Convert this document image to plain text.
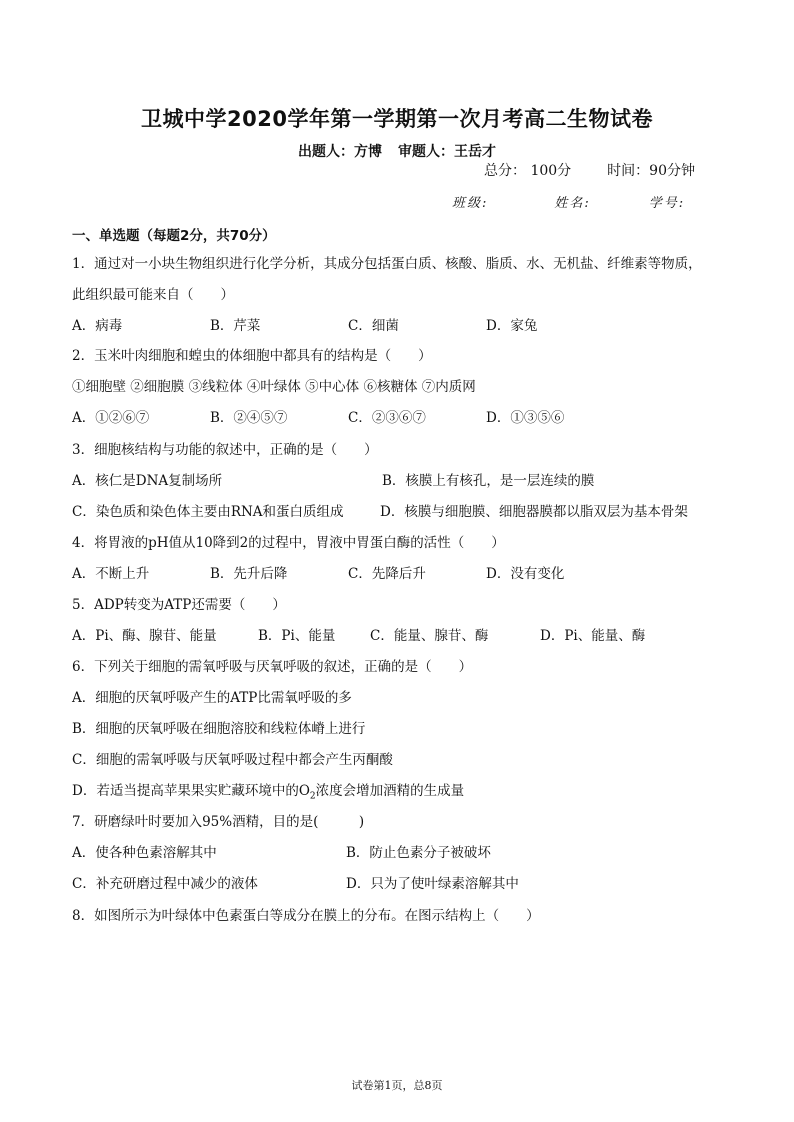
卫城中学2020学年第一学期第一次月考高二生物试卷
出题人：方博 审题人：王岳才
总分： 100分	时间：90分钟
班级:	姓名:	学号:
一、单选题（每题2分，共70分）
1．通过对一小块生物组织进行化学分析，其成分包括蛋白质、核酸、脂质、水、无机盐、纤维素等物质，
此组织最可能来自（　　）
A．病毒	B．芹菜	C．细菌	D．家兔
2．玉米叶肉细胞和蝗虫的体细胞中都具有的结构是（　　）
①细胞壁 ②细胞膜 ③线粒体 ④叶绿体 ⑤中心体 ⑥核糖体 ⑦内质网
A．①②⑥⑦	B．②④⑤⑦	C．②③⑥⑦	D．①③⑤⑥
3．细胞核结构与功能的叙述中，正确的是（　　）
A．核仁是DNA复制场所	B．核膜上有核孔，是一层连续的膜
C．染色质和染色体主要由RNA和蛋白质组成	D．核膜与细胞膜、细胞器膜都以脂双层为基本骨架
4．将胃液的pH值从10降到2的过程中，胃液中胃蛋白酶的活性（　　）
A．不断上升	B．先升后降	C．先降后升	D．没有变化
5．ADP转变为ATP还需要（　　）
A．Pi、酶、腺苷、能量	B．Pi、能量	C．能量、腺苷、酶	D．Pi、能量、酶
6．下列关于细胞的需氧呼吸与厌氧呼吸的叙述，正确的是（　　）
A．细胞的厌氧呼吸产生的ATP比需氧呼吸的多
B．细胞的厌氧呼吸在细胞溶胶和线粒体嵴上进行
C．细胞的需氧呼吸与厌氧呼吸过程中都会产生丙酮酸
D．若适当提高苹果果实贮藏环境中的$O_2$浓度会增加酒精的生成量
7．研磨绿叶时要加入95%酒精，目的是(　　　)
A．使各种色素溶解其中	B．防止色素分子被破坏
C．补充研磨过程中减少的液体	D．只为了使叶绿素溶解其中
8．如图所示为叶绿体中色素蛋白等成分在膜上的分布。在图示结构上（　　）
试卷第1页，总8页
